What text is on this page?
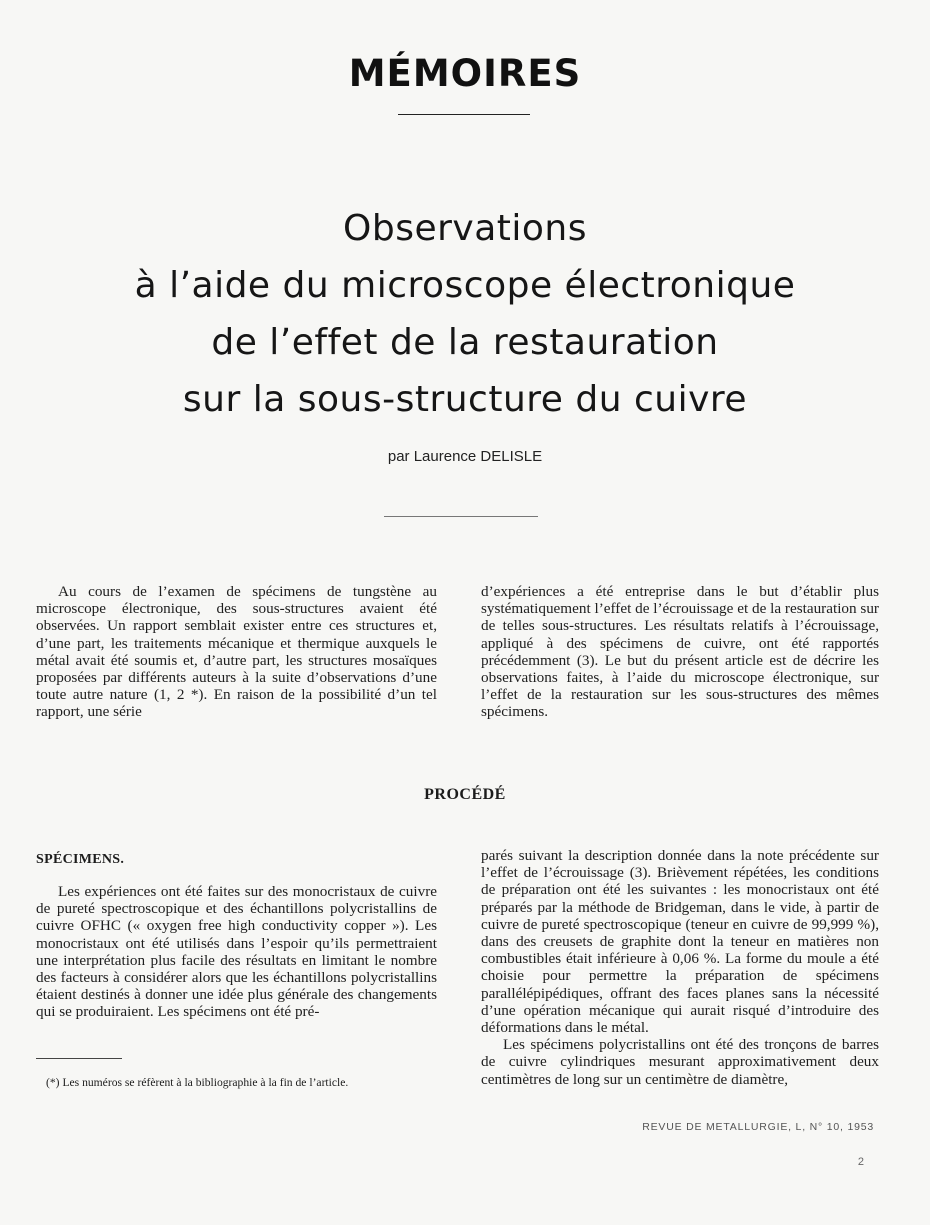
MÉMOIRES
Observations
à l’aide du microscope électronique
de l’effet de la restauration
sur la sous-structure du cuivre
par Laurence DELISLE

Au cours de l’examen de spécimens de tungstène au microscope électronique, des sous-structures avaient été observées. Un rapport semblait exister entre ces structures et, d’une part, les traitements mécanique et thermique auxquels le métal avait été soumis et, d’autre part, les structures mosaïques proposées par différents auteurs à la suite d’observations d’une toute autre nature (1, 2 *). En raison de la possibilité d’un tel rapport, une série

d’expériences a été entreprise dans le but d’établir plus systématiquement l’effet de l’écrouissage et de la restauration sur de telles sous-structures. Les résultats relatifs à l’écrouissage, appliqué à des spécimens de cuivre, ont été rapportés précédemment (3). Le but du présent article est de décrire les observations faites, à l’aide du microscope électronique, sur l’effet de la restauration sur les sous-structures des mêmes spécimens.

PROCÉDÉ
SPÉCIMENS.

Les expériences ont été faites sur des monocristaux de cuivre de pureté spectroscopique et des échantillons polycristallins de cuivre OFHC (« oxygen free high conductivity copper »). Les monocristaux ont été utilisés dans l’espoir qu’ils permettraient une interprétation plus facile des résultats en limitant le nombre des facteurs à considérer alors que les échantillons polycristallins étaient destinés à donner une idée plus générale des changements qui se produiraient. Les spécimens ont été pré-

parés suivant la description donnée dans la note précédente sur l’effet de l’écrouissage (3). Brièvement répétées, les conditions de préparation ont été les suivantes : les monocristaux ont été préparés par la méthode de Bridgeman, dans le vide, à partir de cuivre de pureté spectroscopique (teneur en cuivre de 99,999 %), dans des creusets de graphite dont la teneur en matières non combustibles était inférieure à 0,06 %. La forme du moule a été choisie pour permettre la préparation de spécimens parallélépipédiques, offrant des faces planes sans la nécessité d’une opération mécanique qui aurait risqué d’introduire des déformations dans le métal.

Les spécimens polycristallins ont été des tronçons de barres de cuivre cylindriques mesurant approximativement deux centimètres de long sur un centimètre de diamètre,

(*) Les numéros se réfèrent à la bibliographie à la fin de l’article.

REVUE DE METALLURGIE, L, N° 10, 1953
2
